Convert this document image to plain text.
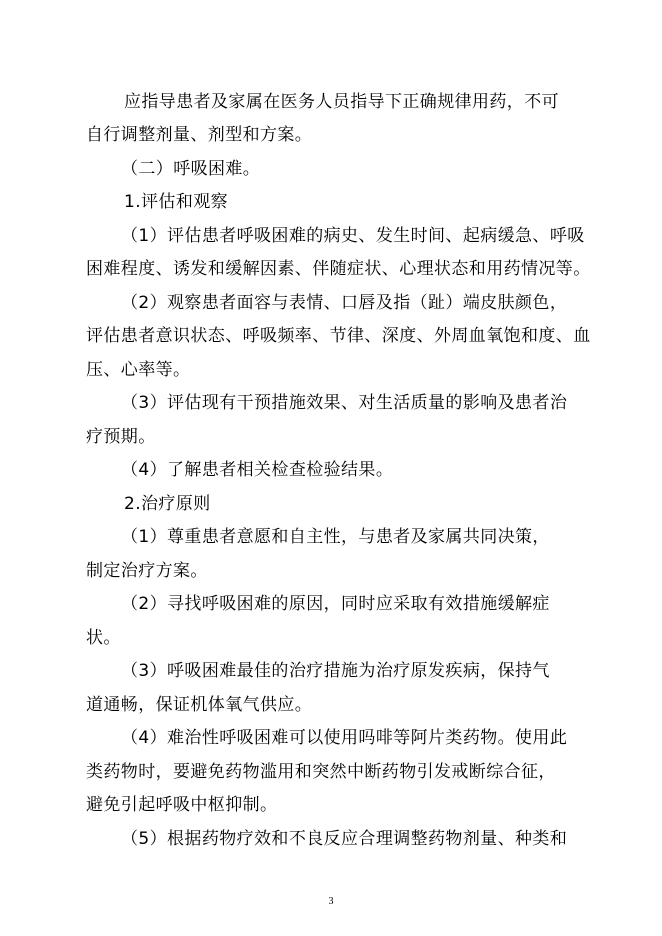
应指导患者及家属在医务人员指导下正确规律用药，不可
自行调整剂量、剂型和方案。
（二）呼吸困难。
1.评估和观察
（1）评估患者呼吸困难的病史、发生时间、起病缓急、呼吸
困难程度、诱发和缓解因素、伴随症状、心理状态和用药情况等。
（2）观察患者面容与表情、口唇及指（趾）端皮肤颜色，
评估患者意识状态、呼吸频率、节律、深度、外周血氧饱和度、血
压、心率等。
（3）评估现有干预措施效果、对生活质量的影响及患者治
疗预期。
（4）了解患者相关检查检验结果。
2.治疗原则
（1）尊重患者意愿和自主性，与患者及家属共同决策，
制定治疗方案。
（2）寻找呼吸困难的原因，同时应采取有效措施缓解症
状。
（3）呼吸困难最佳的治疗措施为治疗原发疾病，保持气
道通畅，保证机体氧气供应。
（4）难治性呼吸困难可以使用吗啡等阿片类药物。使用此
类药物时，要避免药物滥用和突然中断药物引发戒断综合征，
避免引起呼吸中枢抑制。
（5）根据药物疗效和不良反应合理调整药物剂量、种类和
3
